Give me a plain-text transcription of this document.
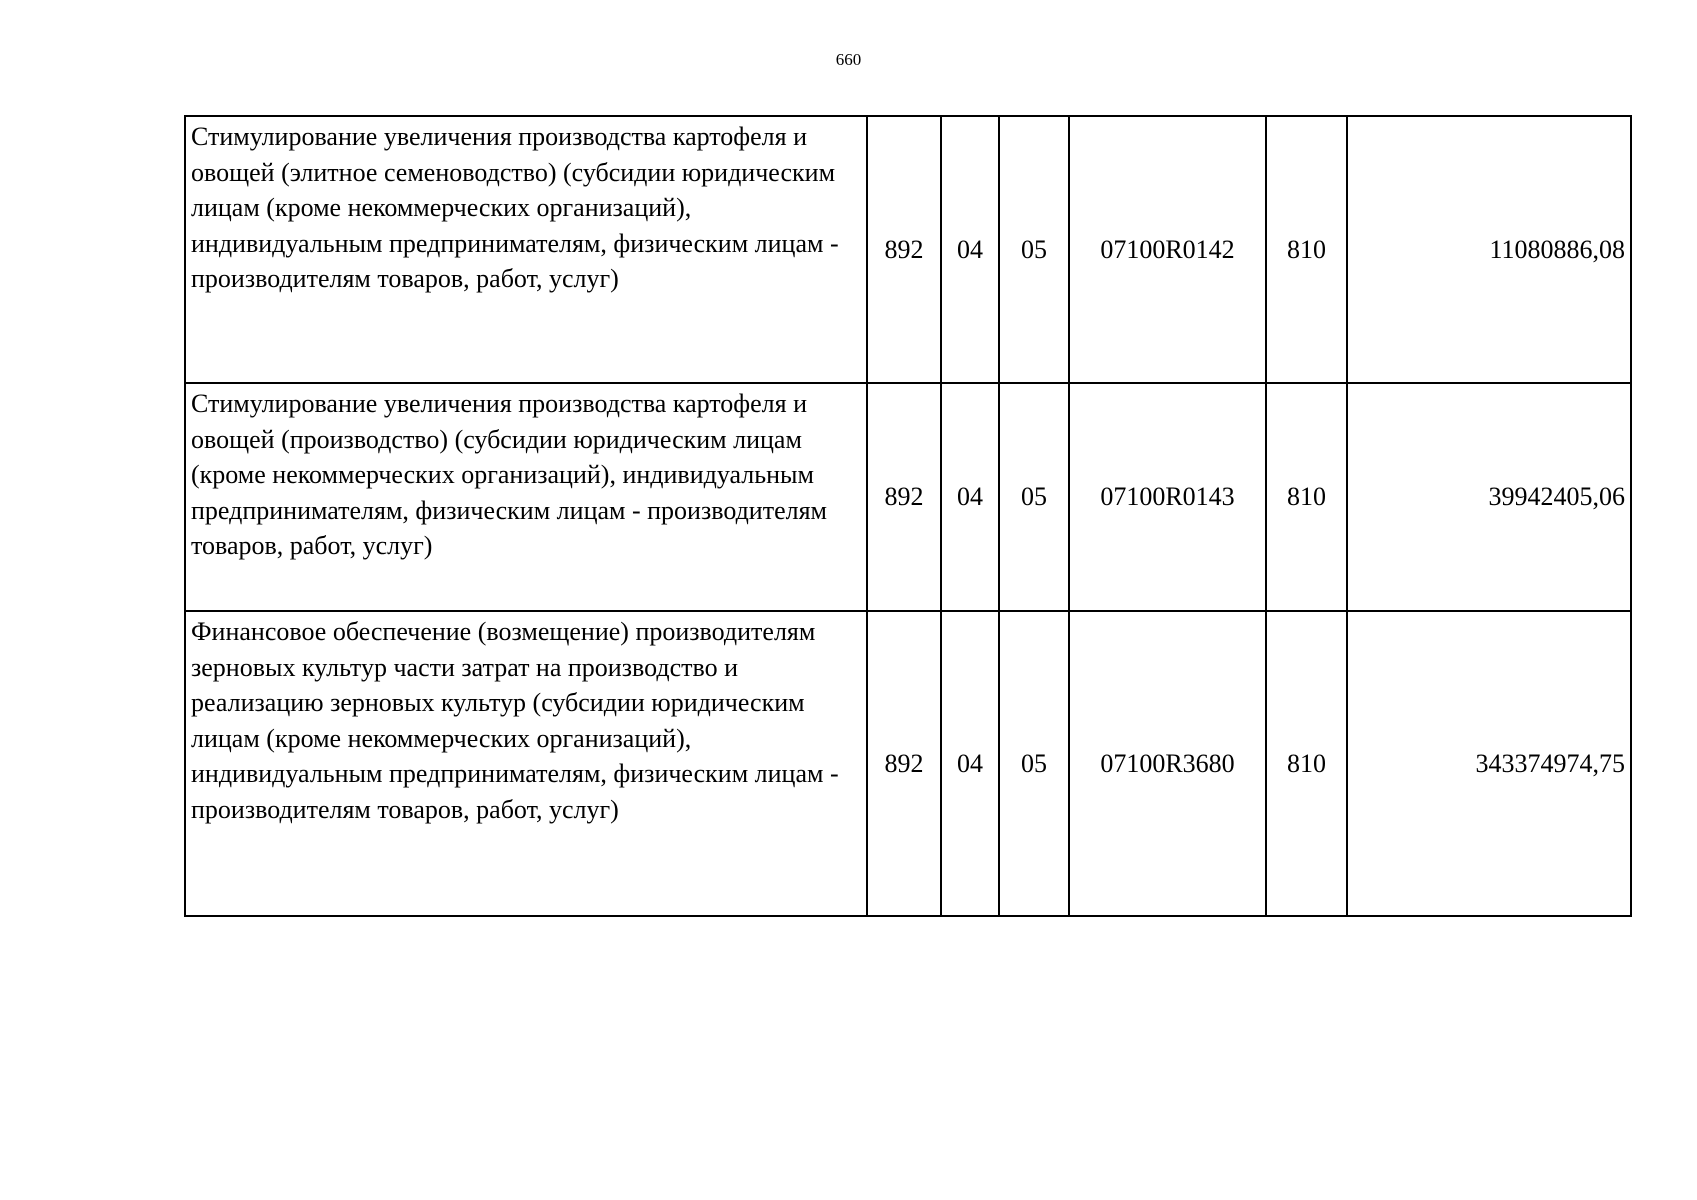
660
Стимулирование увеличения производства картофеля и овощей (элитное семеноводство) (субсидии юридическим лицам (кроме некоммерческих организаций), индивидуальным предпринимателям, физическим лицам - производителям товаров, работ, услуг)	892	04	05	07100R0142	810	11080886,08
Стимулирование увеличения производства картофеля и овощей (производство) (субсидии юридическим лицам (кроме некоммерческих организаций), индивидуальным предпринимателям, физическим лицам - производителям товаров, работ, услуг)	892	04	05	07100R0143	810	39942405,06
Финансовое обеспечение (возмещение) производителям зерновых культур части затрат на производство и реализацию зерновых культур (субсидии юридическим лицам (кроме некоммерческих организаций), индивидуальным предпринимателям, физическим лицам - производителям товаров, работ, услуг)	892	04	05	07100R3680	810	343374974,75
